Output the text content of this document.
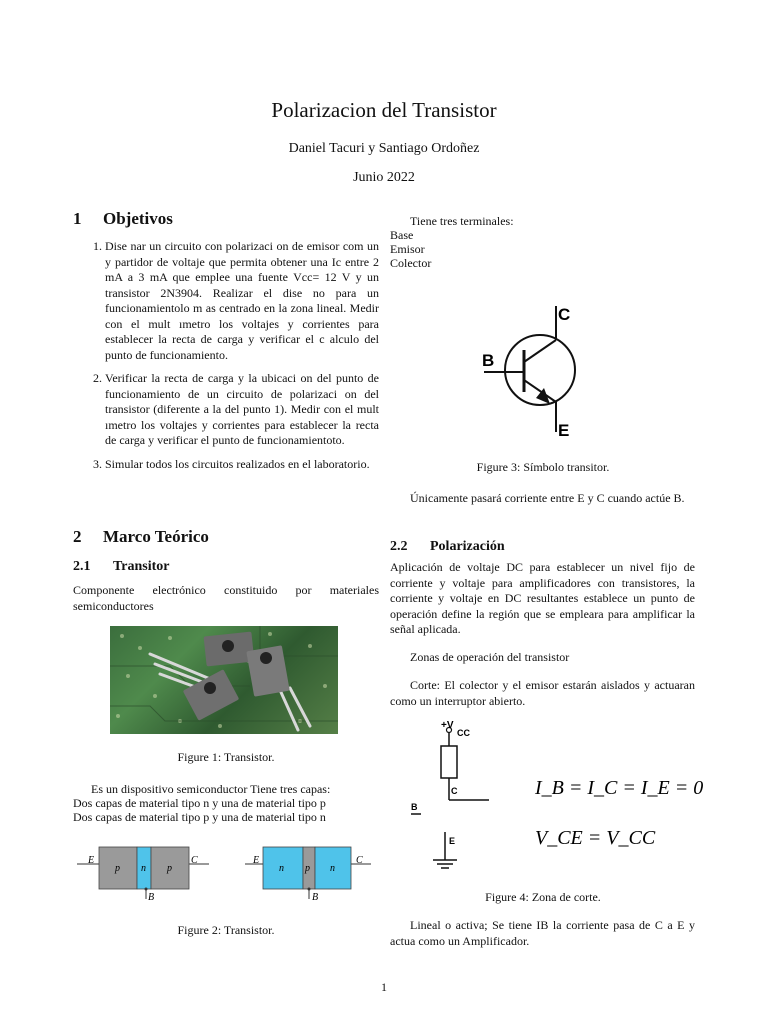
Polarizacion del Transistor
Daniel Tacuri y Santiago Ordoñez
Junio 2022
1 Objetivos
1. Dise nar un circuito con polarizaci on de emisor com un y partidor de voltaje que permita obtener una Ic entre 2 mA a 3 mA que emplee una fuente Vcc= 12 V y un transistor 2N3904. Realizar el dise no para un funcionamientolo m as centrado en la zona lineal. Medir con el mult ımetro los voltajes y corrientes para establecer la recta de carga y verificar el c alculo del punto de funcionamiento.
2. Verificar la recta de carga y la ubicaci on del punto de funcionamiento de un circuito de polarizaci on del transistor (diferente a la del punto 1). Medir con el mult ımetro los voltajes y corrientes para establecer la recta de carga y verificar el punto de funcionamientoto.
3. Simular todos los circuitos realizados en el laboratorio.
2 Marco Teórico
2.1 Transitor
Componente electrónico constituido por materiales semiconductores
Figure 1: Transistor.
Es un dispositivo semiconductor Tiene tres capas:
Dos capas de material tipo n y una de material tipo p
Dos capas de material tipo p y una de material tipo n
E	C
p n p
B
E	C
n p n
B
Figure 2: Transistor.
Tiene tres terminales:
Base
Emisor
Colector
C
B
E
Figure 3: Símbolo transitor.
Únicamente pasará corriente entre E y C cuando actúe B.
2.2 Polarización
Aplicación de voltaje DC para establecer un nivel fijo de corriente y voltaje para amplificadores con transistores, la corriente y voltaje en DC resultantes establece un punto de operación define la región que se empleara para amplificar la señal aplicada.
Zonas de operación del transistor
Corte: El colector y el emisor estarán aislados y actuaran como un interruptor abierto.
+V
CC
C
B
E
I_B = I_C = I_E = 0
V_CE = V_CC
Figure 4: Zona de corte.
Lineal o activa; Se tiene IB la corriente pasa de C a E y actua como un Amplificador.
1
